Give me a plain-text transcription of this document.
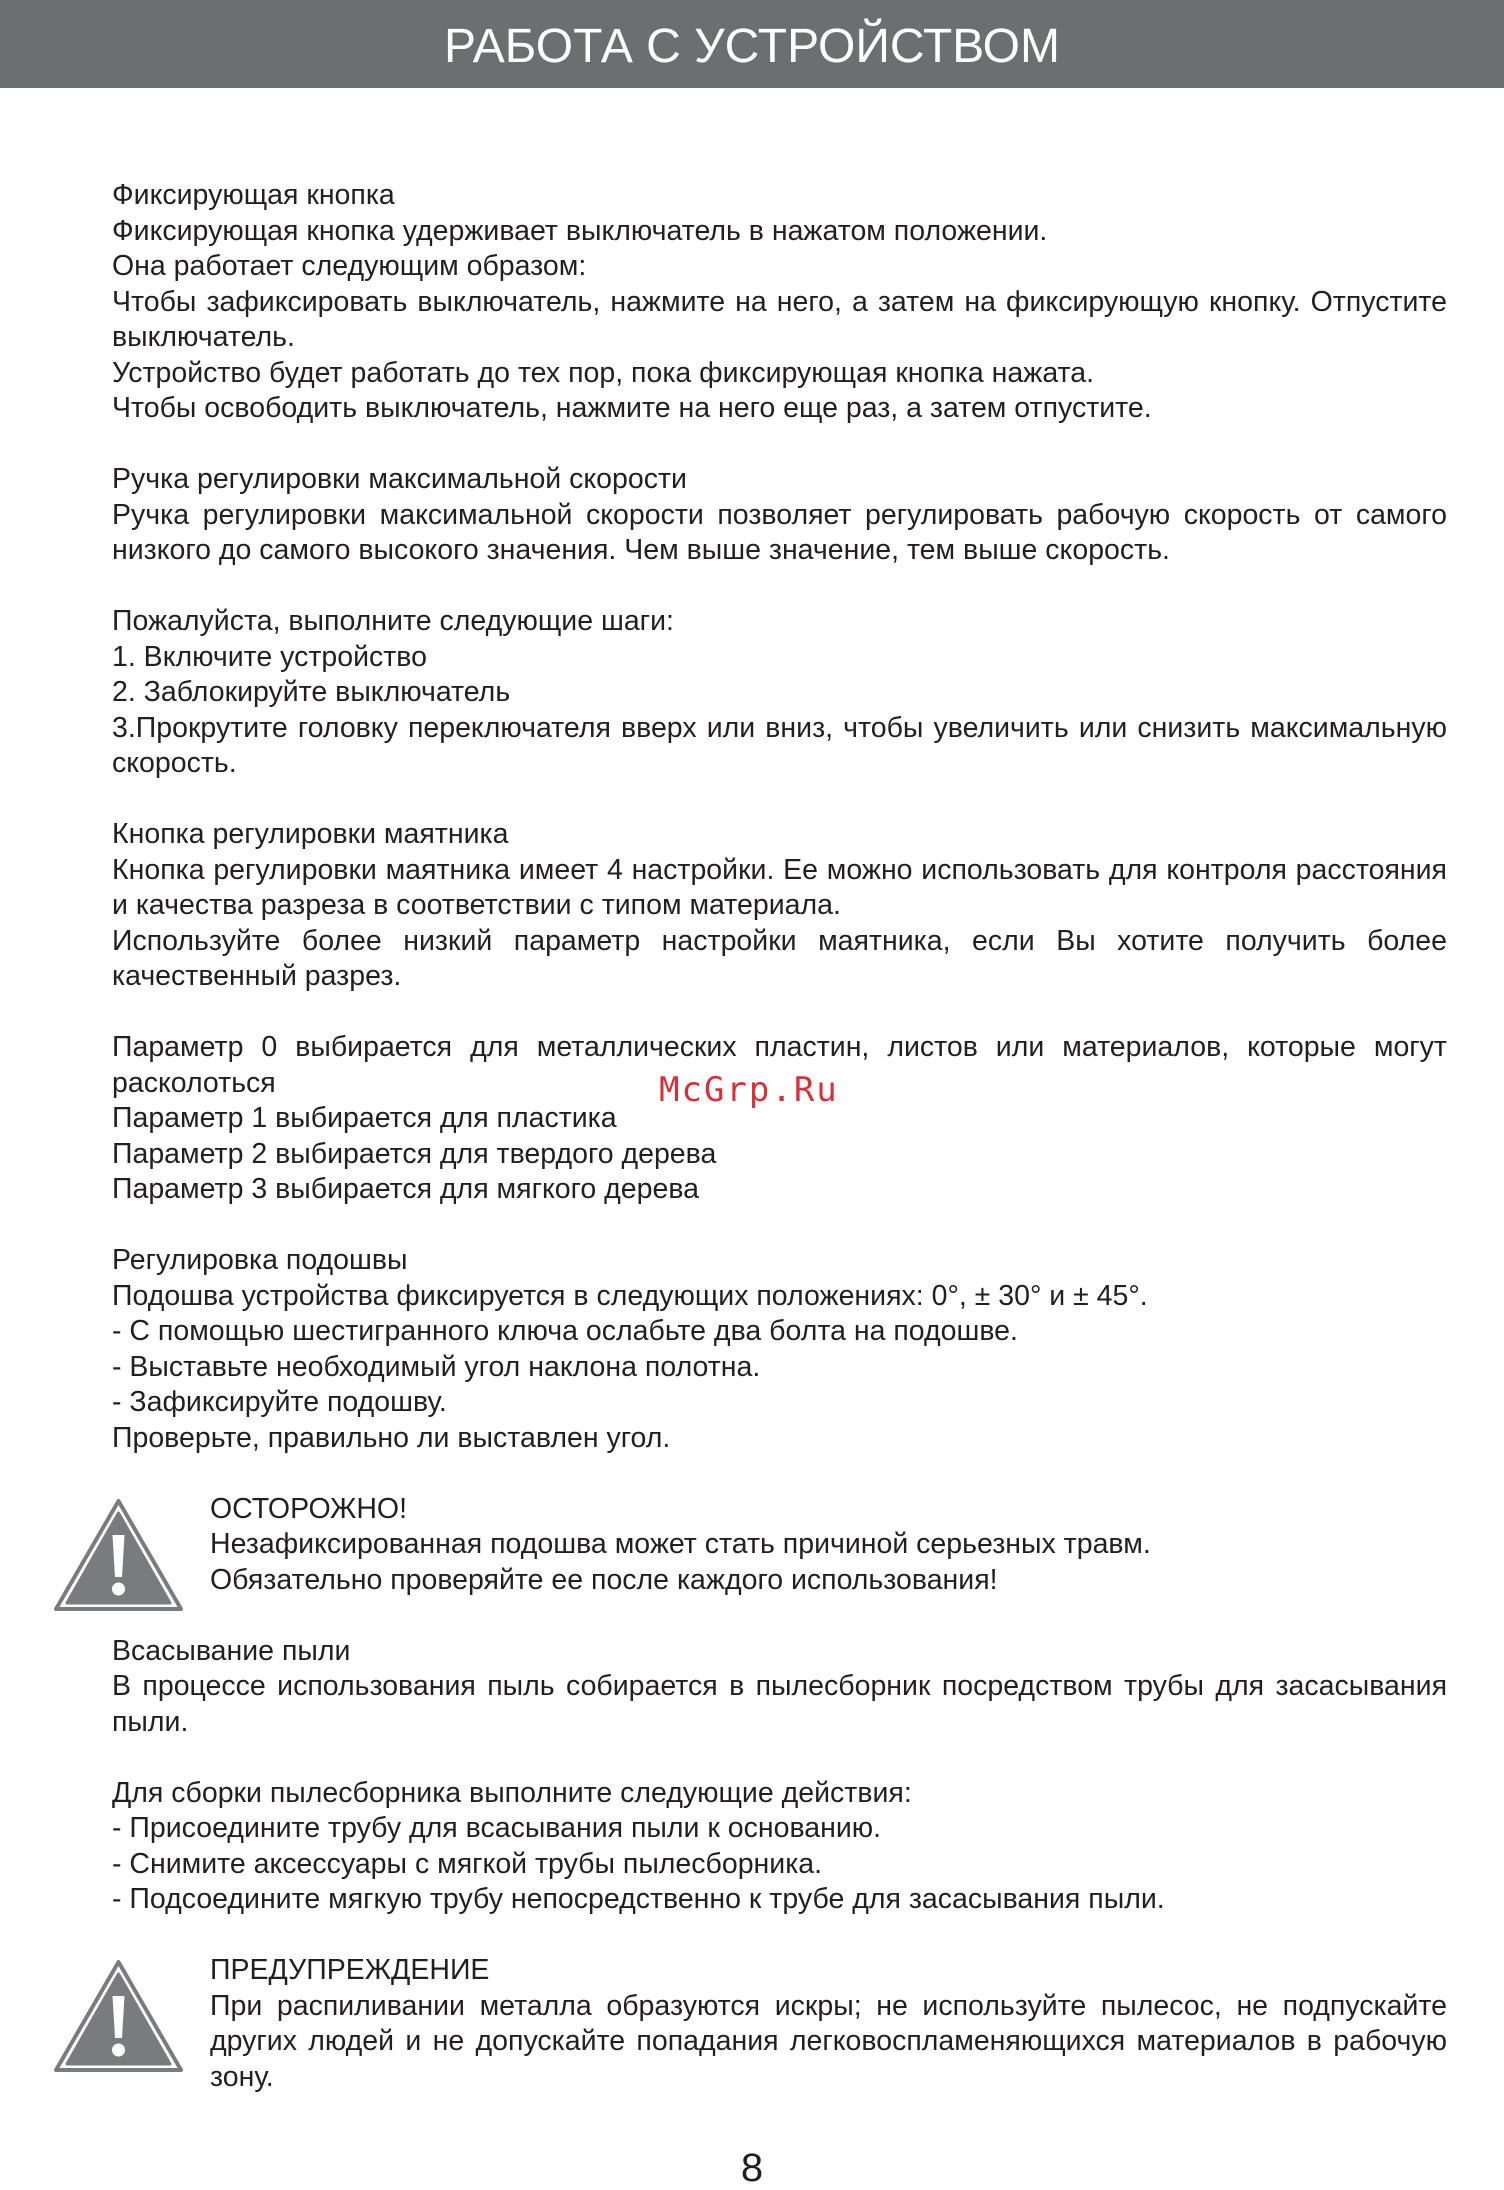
РАБОТА С УСТРОЙСТВОМ

Фиксирующая кнопка

Фиксирующая кнопка удерживает выключатель в нажатом положении.

Она работает следующим образом:

Чтобы зафиксировать выключатель, нажмите на него, а затем на фиксирующую кнопку. Отпустите выключатель.

Устройство будет работать до тех пор, пока фиксирующая кнопка нажата.

Чтобы освободить выключатель, нажмите на него еще раз, а затем отпустите.

Ручка регулировки максимальной скорости

Ручка регулировки максимальной скорости позволяет регулировать рабочую скорость от самого низкого до самого высокого значения. Чем выше значение, тем выше скорость.

Пожалуйста, выполните следующие шаги:

1. Включите устройство

2. Заблокируйте выключатель

3.Прокрутите головку переключателя вверх или вниз, чтобы увеличить или снизить максимальную скорость.

Кнопка регулировки маятника

Кнопка регулировки маятника имеет 4 настройки. Ее можно использовать для контроля расстояния и качества разреза в соответствии с типом материала.

Используйте более низкий параметр настройки маятника, если Вы хотите получить более качественный разрез.

Параметр 0 выбирается для металлических пластин, листов или материалов, которые могут расколоться

Параметр 1 выбирается для пластика

Параметр 2 выбирается для твердого дерева

Параметр 3 выбирается для мягкого дерева

Регулировка подошвы

Подошва устройства фиксируется в следующих положениях: 0°, ± 30° и ± 45°.

- С помощью шестигранного ключа ослабьте два болта на подошве.

- Выставьте необходимый угол наклона полотна.

- Зафиксируйте подошву.

Проверьте, правильно ли выставлен угол.

ОСТОРОЖНО!

Незафиксированная подошва может стать причиной серьезных травм.

Обязательно проверяйте ее после каждого использования!

Всасывание пыли

В процессе использования пыль собирается в пылесборник посредством трубы для засасывания пыли.

Для сборки пылесборника выполните следующие действия:

- Присоедините трубу для всасывания пыли к основанию.

- Снимите аксессуары с мягкой трубы пылесборника.

- Подсоедините мягкую трубу непосредственно к трубе для засасывания пыли.

ПРЕДУПРЕЖДЕНИЕ

При распиливании металла образуются искры; не используйте пылесос, не подпускайте других людей и не допускайте попадания легковоспламеняющихся материалов в рабочую зону.

McGrp.Ru
8
